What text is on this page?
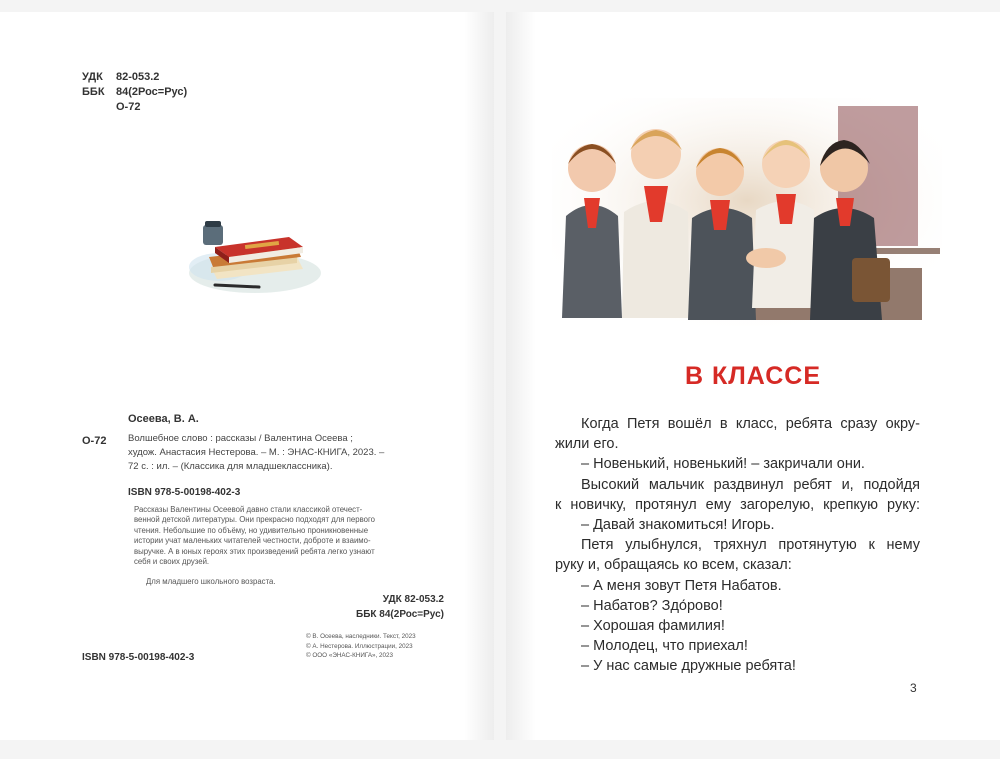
УДК	82-053.2
ББК	84(2Рос=Рус)
О-72
Осеева, В. А.
О-72 Волшебное слово : рассказы / Валентина Осеева ;
худож. Анастасия Нестерова. – М. : ЭНАС-КНИГА, 2023. –
72 с. : ил. – (Классика для младшеклассника).
ISBN 978-5-00198-402-3
Рассказы Валентины Осеевой давно стали классикой отечест-
венной детской литературы. Они прекрасно подходят для первого
чтения. Небольшие по объёму, но удивительно проникновенные
истории учат маленьких читателей честности, доброте и взаимо-
выручке. А в юных героях этих произведений ребята легко узнают
себя и своих друзей.
Для младшего школьного возраста.
УДК 82-053.2
ББК 84(2Рос=Рус)
© В. Осеева, наследники. Текст, 2023
© А. Нестерова. Иллюстрации, 2023
© ООО «ЭНАС-КНИГА», 2023
ISBN 978-5-00198-402-3
В КЛАССЕ

Когда Петя вошёл в класс, ребята сразу окру-

жили его.

– Новенький, новенький! – закричали они.

Высокий мальчик раздвинул ребят и, подойдя

к новичку, протянул ему загорелую, крепкую руку:

– Давай знакомиться! Игорь.

Петя улыбнулся, тряхнул протянутую к нему

руку и, обращаясь ко всем, сказал:

– А меня зовут Петя Набатов.

– Набатов? Здо́рово!

– Хорошая фамилия!

– Молодец, что приехал!

– У нас самые дружные ребята!

3
